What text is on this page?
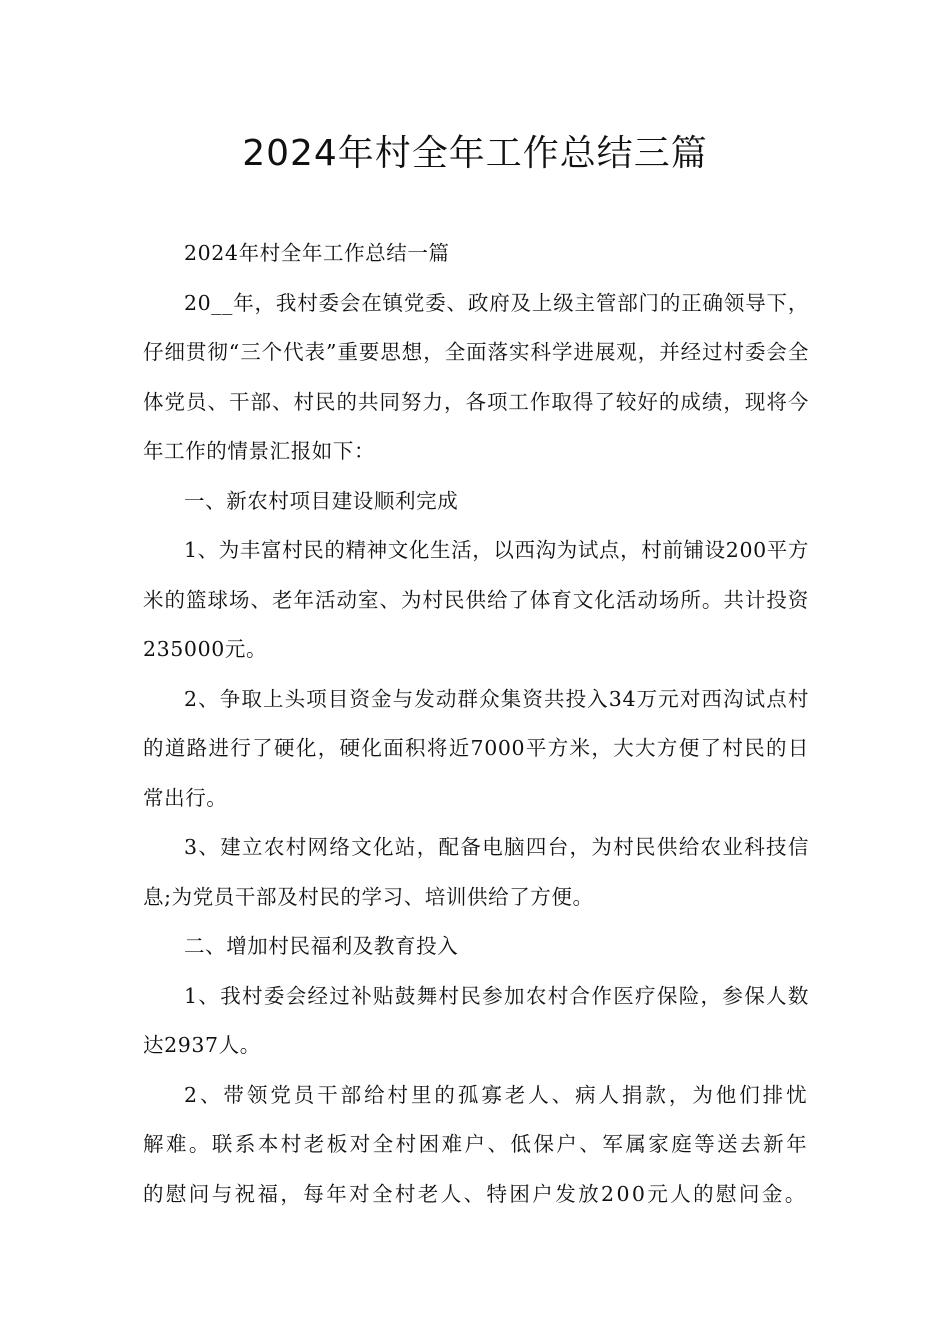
2024年村全年工作总结三篇

2024年村全年工作总结一篇

20__年，我村委会在镇党委、政府及上级主管部门的正确领导下，仔细贯彻“三个代表”重要思想，全面落实科学进展观，并经过村委会全体党员、干部、村民的共同努力，各项工作取得了较好的成绩，现将今年工作的情景汇报如下：

一、新农村项目建设顺利完成

1、为丰富村民的精神文化生活，以西沟为试点，村前铺设200平方米的篮球场、老年活动室、为村民供给了体育文化活动场所。共计投资235000元。

2、争取上头项目资金与发动群众集资共投入34万元对西沟试点村的道路进行了硬化，硬化面积将近7000平方米，大大方便了村民的日常出行。

3、建立农村网络文化站，配备电脑四台，为村民供给农业科技信息;为党员干部及村民的学习、培训供给了方便。

二、增加村民福利及教育投入

1、我村委会经过补贴鼓舞村民参加农村合作医疗保险，参保人数达2937人。

2、带领党员干部给村里的孤寡老人、病人捐款，为他们排忧解难。联系本村老板对全村困难户、低保户、军属家庭等送去新年的慰问与祝福，每年对全村老人、特困户发放200元人的慰问金。
